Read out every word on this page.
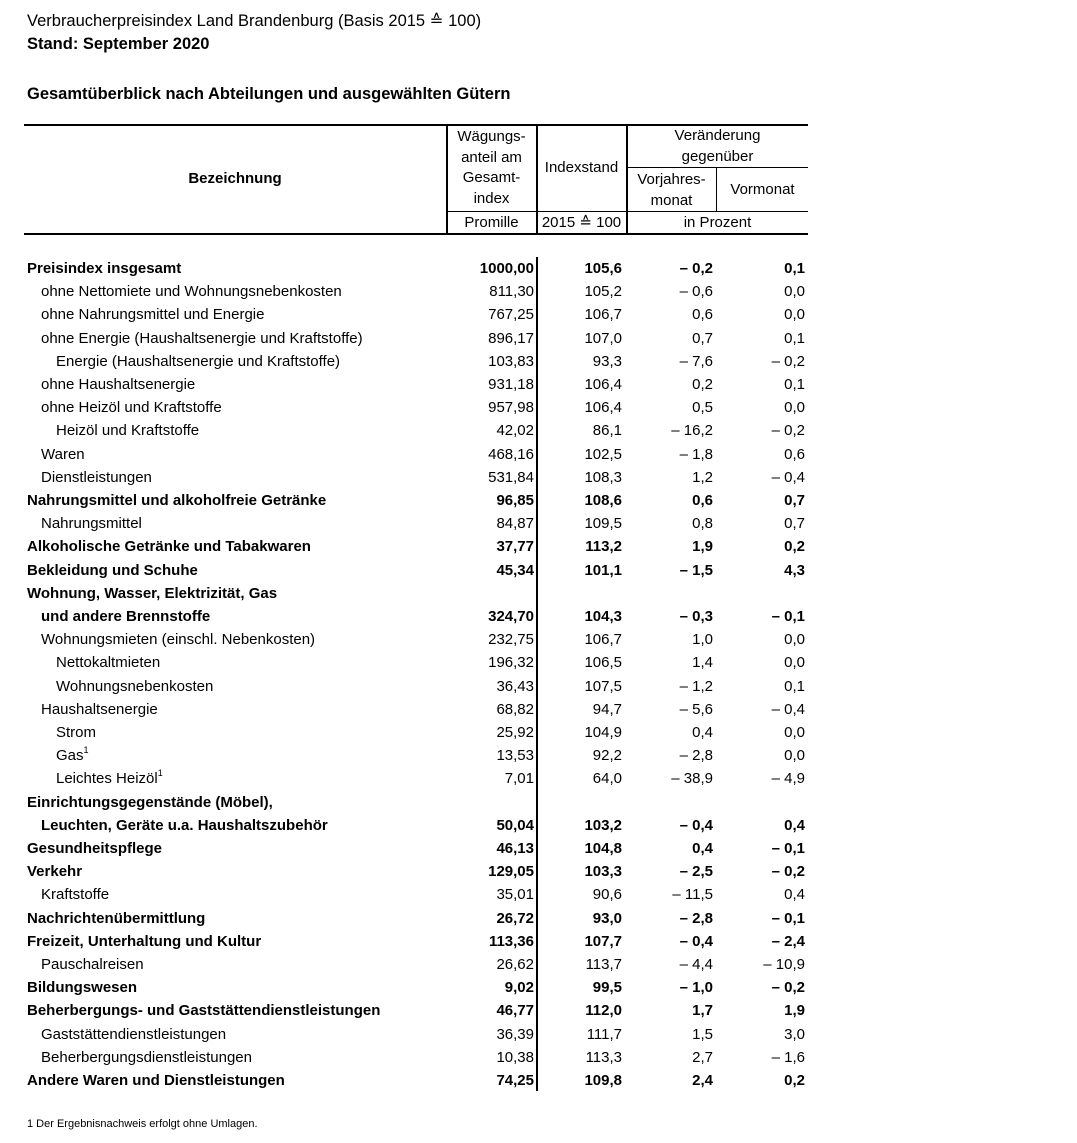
Verbraucherpreisindex Land Brandenburg (Basis 2015 ≙ 100)
Stand: September 2020
Gesamtüberblick nach Abteilungen und ausgewählten Gütern
Bezeichnung
Wägungs-
anteil am
Gesamt-
index
Indexstand
Veränderung
gegenüber
Vorjahres-
monat
Vormonat
Promille	2015 ≙ 100	in Prozent
Preisindex insgesamt	1000,00	105,6	– 0,2	0,1
ohne Nettomiete und Wohnungsnebenkosten	811,30	105,2	– 0,6	0,0
ohne Nahrungsmittel und Energie	767,25	106,7	0,6	0,0
ohne Energie (Haushaltsenergie und Kraftstoffe)	896,17	107,0	0,7	0,1
Energie (Haushaltsenergie und Kraftstoffe)	103,83	93,3	– 7,6	– 0,2
ohne Haushaltsenergie	931,18	106,4	0,2	0,1
ohne Heizöl und Kraftstoffe	957,98	106,4	0,5	0,0
Heizöl und Kraftstoffe	42,02	86,1	– 16,2	– 0,2
Waren	468,16	102,5	– 1,8	0,6
Dienstleistungen	531,84	108,3	1,2	– 0,4
Nahrungsmittel und alkoholfreie Getränke	96,85	108,6	0,6	0,7
Nahrungsmittel	84,87	109,5	0,8	0,7
Alkoholische Getränke und Tabakwaren	37,77	113,2	1,9	0,2
Bekleidung und Schuhe	45,34	101,1	– 1,5	4,3
Wohnung, Wasser, Elektrizität, Gas
und andere Brennstoffe	324,70	104,3	– 0,3	– 0,1
Wohnungsmieten (einschl. Nebenkosten)	232,75	106,7	1,0	0,0
Nettokaltmieten	196,32	106,5	1,4	0,0
Wohnungsnebenkosten	36,43	107,5	– 1,2	0,1
Haushaltsenergie	68,82	94,7	– 5,6	– 0,4
Strom	25,92	104,9	0,4	0,0
Gas$^1$	13,53	92,2	– 2,8	0,0
Leichtes Heizöl$^1$	7,01	64,0	– 38,9	– 4,9
Einrichtungsgegenstände (Möbel),
Leuchten, Geräte u.a. Haushaltszubehör	50,04	103,2	– 0,4	0,4
Gesundheitspflege	46,13	104,8	0,4	– 0,1
Verkehr	129,05	103,3	– 2,5	– 0,2
Kraftstoffe	35,01	90,6	– 11,5	0,4
Nachrichtenübermittlung	26,72	93,0	– 2,8	– 0,1
Freizeit, Unterhaltung und Kultur	113,36	107,7	– 0,4	– 2,4
Pauschalreisen	26,62	113,7	– 4,4	– 10,9
Bildungswesen	9,02	99,5	– 1,0	– 0,2
Beherbergungs- und Gaststättendienstleistungen	46,77	112,0	1,7	1,9
Gaststättendienstleistungen	36,39	111,7	1,5	3,0
Beherbergungsdienstleistungen	10,38	113,3	2,7	– 1,6
Andere Waren und Dienstleistungen	74,25	109,8	2,4	0,2
1 Der Ergebnisnachweis erfolgt ohne Umlagen.
